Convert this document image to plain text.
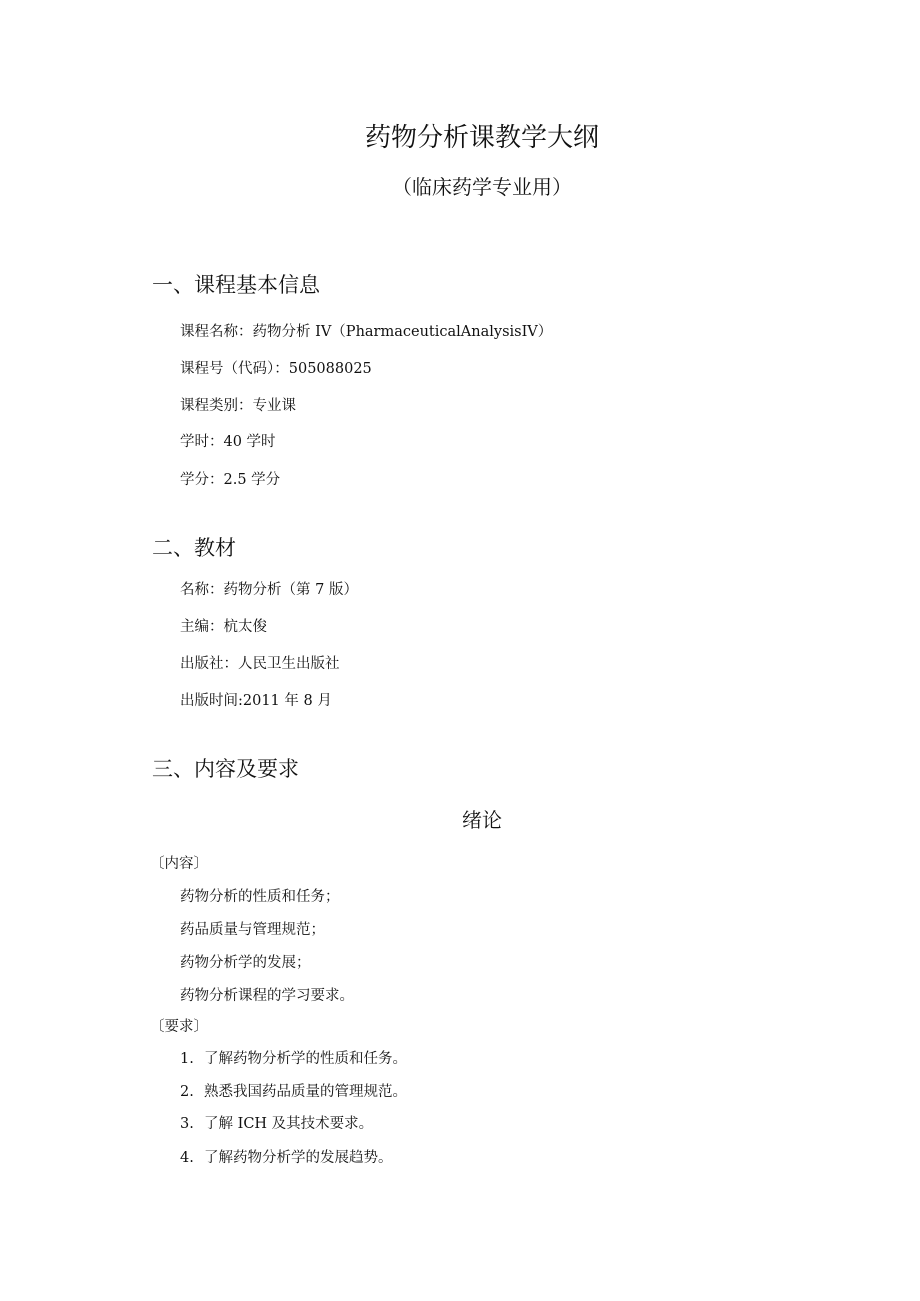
药物分析课教学大纲
（临床药学专业用）
一、课程基本信息
课程名称：药物分析 IV（PharmaceuticalAnalysisIV）
课程号（代码）：505088025
课程类别：专业课
学时：40 学时
学分：2.5 学分
二、教材
名称：药物分析（第 7 版）
主编：杭太俊
出版社：人民卫生出版社
出版时间:2011 年 8 月
三、内容及要求
绪论
〔内容〕
药物分析的性质和任务；
药品质量与管理规范；
药物分析学的发展；
药物分析课程的学习要求。
〔要求〕
1. 了解药物分析学的性质和任务。
2. 熟悉我国药品质量的管理规范。
3. 了解 ICH 及其技术要求。
4. 了解药物分析学的发展趋势。
